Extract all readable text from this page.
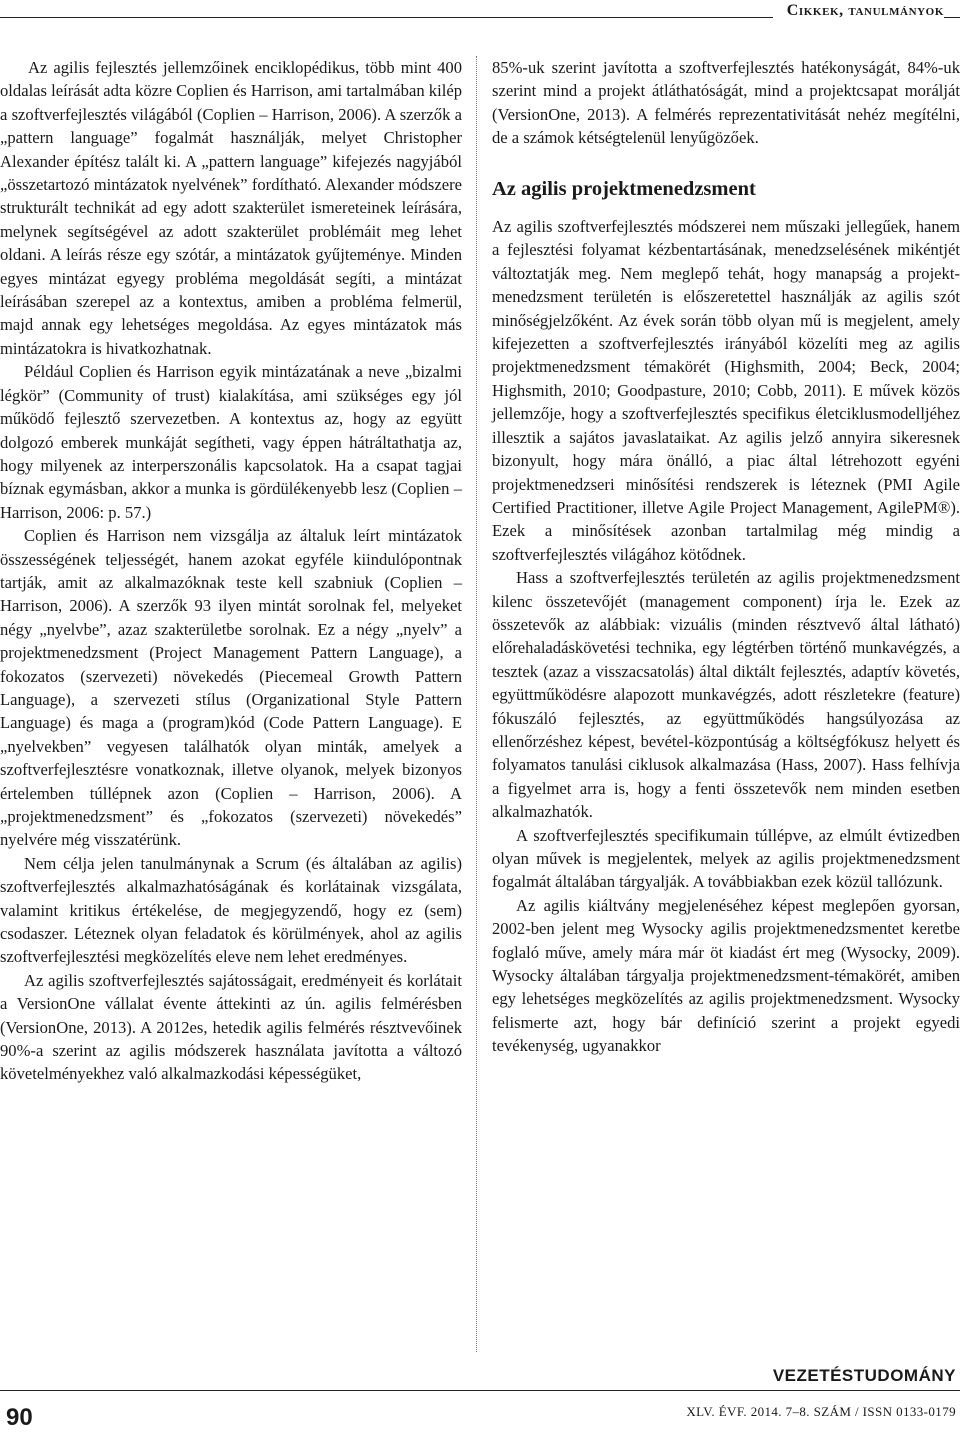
Cikkek, tanulmányok

Az agilis fejlesztés jellemzőinek enciklopédikus, több mint 400 oldalas leírását adta közre Coplien és Harrison, ami tartalmában kilép a szoftverfejlesztés világából (Coplien – Harrison, 2006). A szerzők a „pattern language” fogalmát használják, melyet Christopher Alexander építész talált ki. A „pattern language” kifejezés nagyjából „összetartozó mintázatok nyelvének” fordítható. Alexander módszere strukturált technikát ad egy adott szakterület ismereteinek leírására, melynek segítségével az adott szakterület problémáit meg lehet oldani. A leírás része egy szótár, a mintázatok gyűjteménye. Minden egyes mintázat egyegy probléma megoldását segíti, a mintázat leírásában szerepel az a kontextus, amiben a probléma felmerül, majd annak egy lehetséges megoldása. Az egyes mintázatok más mintázatokra is hivatkozhatnak.

Például Coplien és Harrison egyik mintázatának a neve „bizalmi légkör” (Community of trust) kialakítása, ami szükséges egy jól működő fejlesztő szervezetben. A kontextus az, hogy az együtt dolgozó emberek munkáját segítheti, vagy éppen hátráltathatja az, hogy milyenek az interperszonális kapcsolatok. Ha a csapat tagjai bíznak egymásban, akkor a munka is gördülékenyebb lesz (Coplien – Harrison, 2006: p. 57.)

Coplien és Harrison nem vizsgálja az általuk leírt mintázatok összességének teljességét, hanem azokat egyféle kiindulópontnak tartják, amit az alkalmazóknak teste kell szabniuk (Coplien – Harrison, 2006). A szerzők 93 ilyen mintát sorolnak fel, melyeket négy „nyelvbe”, azaz szakterületbe sorolnak. Ez a négy „nyelv” a projektmenedzsment (Project Management Pattern Language), a fokozatos (szervezeti) növekedés (Piecemeal Growth Pattern Language), a szervezeti stílus (Organizational Style Pattern Language) és maga a (program)kód (Code Pattern Language). E „nyelvekben” vegyesen találhatók olyan minták, amelyek a szoftverfejlesztésre vonatkoznak, illetve olyanok, melyek bizonyos értelemben túllépnek azon (Coplien – Harrison, 2006). A „projektmenedzsment” és „fokozatos (szervezeti) növekedés” nyelvére még visszatérünk.

Nem célja jelen tanulmánynak a Scrum (és általában az agilis) szoftverfejlesztés alkalmazhatóságának és korlátainak vizsgálata, valamint kritikus értékelése, de megjegyzendő, hogy ez (sem) csodaszer. Léteznek olyan feladatok és körülmények, ahol az agilis szoftverfejlesztési megközelítés eleve nem lehet eredményes.

Az agilis szoftverfejlesztés sajátosságait, eredményeit és korlátait a VersionOne vállalat évente áttekinti az ún. agilis felmérésben (VersionOne, 2013). A 2012es, hetedik agilis felmérés résztvevőinek 90%-a szerint az agilis módszerek használata javította a változó követelményekhez való alkalmazkodási képességüket,

85%-uk szerint javította a szoftverfejlesztés hatékonyságát, 84%-uk szerint mind a projekt átláthatóságát, mind a projektcsapat morálját (VersionOne, 2013). A felmérés reprezentativitását nehéz megítélni, de a számok kétségtelenül lenyűgözőek.

Az agilis projektmenedzsment

Az agilis szoftverfejlesztés módszerei nem műszaki jellegűek, hanem a fejlesztési folyamat kézbentartásának, menedzselésének mikéntjét változtatják meg. Nem meglepő tehát, hogy manapság a projektmenedzsment területén is előszeretettel használják az agilis szót minőségjelzőként. Az évek során több olyan mű is megjelent, amely kifejezetten a szoftverfejlesztés irányából közelíti meg az agilis projektmenedzsment témakörét (Highsmith, 2004; Beck, 2004; Highsmith, 2010; Goodpasture, 2010; Cobb, 2011). E művek közös jellemzője, hogy a szoftverfejlesztés specifikus életciklusmodelljéhez illesztik a sajátos javaslataikat. Az agilis jelző annyira sikeresnek bizonyult, hogy mára önálló, a piac által létrehozott egyéni projektmenedzseri minősítési rendszerek is léteznek (PMI Agile Certified Practitioner, illetve Agile Project Management, AgilePM®). Ezek a minősítések azonban tartalmilag még mindig a szoftverfejlesztés világához kötődnek.

Hass a szoftverfejlesztés területén az agilis projektmenedzsment kilenc összetevőjét (management component) írja le. Ezek az összetevők az alábbiak: vizuális (minden résztvevő által látható) előrehaladáskövetési technika, egy légtérben történő munkavégzés, a tesztek (azaz a visszacsatolás) által diktált fejlesztés, adaptív követés, együttműködésre alapozott munkavégzés, adott részletekre (feature) fókuszáló fejlesztés, az együttműködés hangsúlyozása az ellenőrzéshez képest, bevétel-központúság a költségfókusz helyett és folyamatos tanulási ciklusok alkalmazása (Hass, 2007). Hass felhívja a figyelmet arra is, hogy a fenti összetevők nem minden esetben alkalmazhatók.

A szoftverfejlesztés specifikumain túllépve, az elmúlt évtizedben olyan művek is megjelentek, melyek az agilis projektmenedzsment fogalmát általában tárgyalják. A továbbiakban ezek közül tallózunk.

Az agilis kiáltvány megjelenéséhez képest meglepően gyorsan, 2002-ben jelent meg Wysocky agilis projektmenedzsmentet keretbe foglaló műve, amely mára már öt kiadást ért meg (Wysocky, 2009). Wysocky általában tárgyalja projektmenedzsment-témakörét, amiben egy lehetséges megközelítés az agilis projektmenedzsment. Wysocky felismerte azt, hogy bár definíció szerint a projekt egyedi tevékenység, ugyanakkor

VEZETÉSTUDOMÁNY
90	XLV. ÉVF. 2014. 7–8. SZÁM / ISSN 0133-0179
